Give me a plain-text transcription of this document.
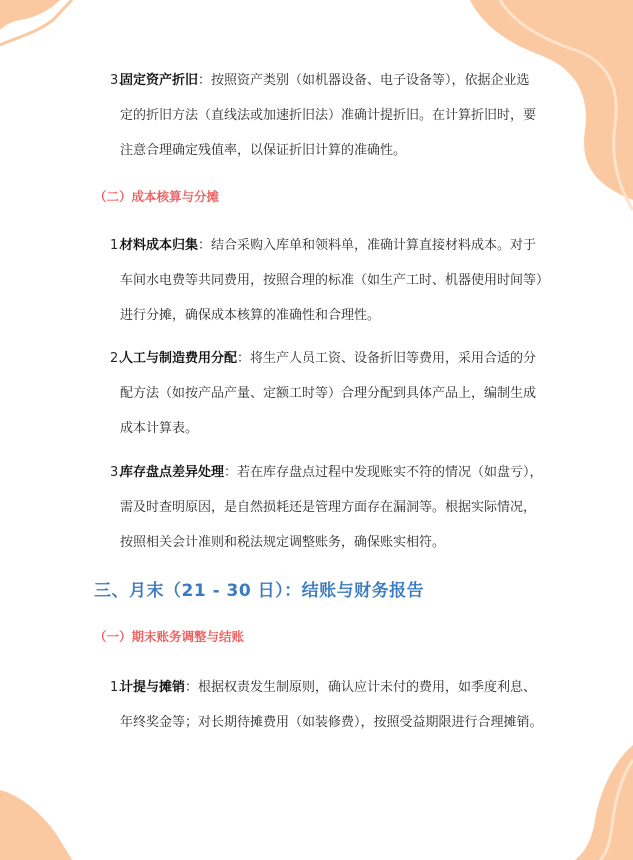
3.

固定资产折旧：按照资产类别（如机器设备、电子设备等），依据企业选

定的折旧方法（直线法或加速折旧法）准确计提折旧。在计算折旧时，要

注意合理确定残值率，以保证折旧计算的准确性。

（二）成本核算与分摊
1.

材料成本归集：结合采购入库单和领料单，准确计算直接材料成本。对于

车间水电费等共同费用，按照合理的标准（如生产工时、机器使用时间等）

进行分摊，确保成本核算的准确性和合理性。

2.

人工与制造费用分配：将生产人员工资、设备折旧等费用，采用合适的分

配方法（如按产品产量、定额工时等）合理分配到具体产品上，编制生成

成本计算表。

3.

库存盘点差异处理：若在库存盘点过程中发现账实不符的情况（如盘亏），

需及时查明原因，是自然损耗还是管理方面存在漏洞等。根据实际情况，

按照相关会计准则和税法规定调整账务，确保账实相符。

三、月末（21 - 30 日）：结账与财务报告
（一）期末账务调整与结账
1.

计提与摊销：根据权责发生制原则，确认应计未付的费用，如季度利息、

年终奖金等；对长期待摊费用（如装修费），按照受益期限进行合理摊销。
